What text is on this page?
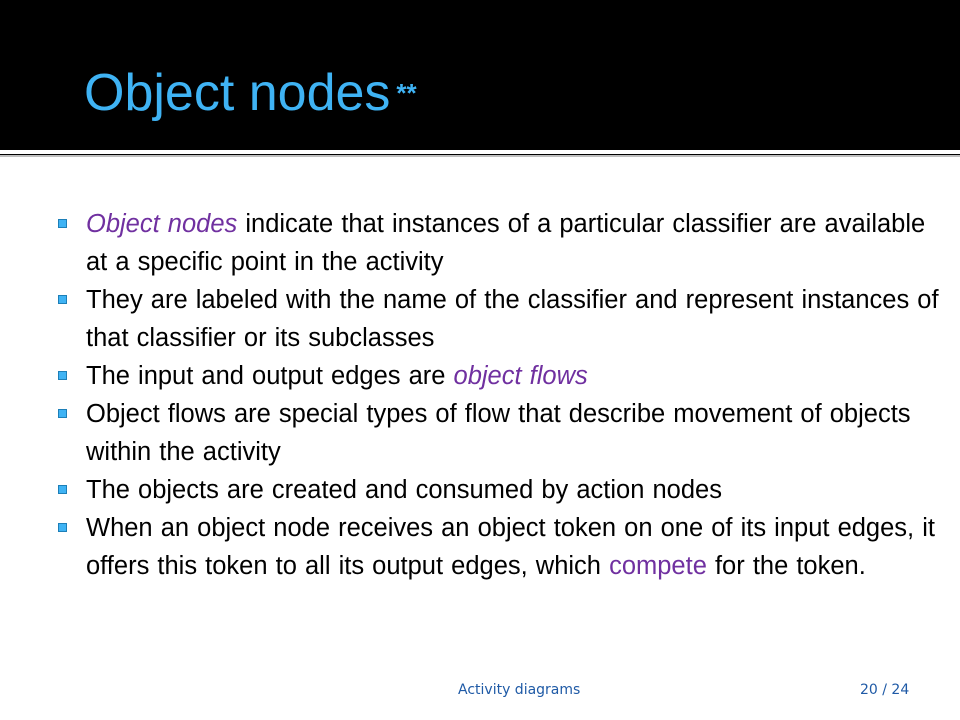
Object nodes **
Object nodes indicate that instances of a particular classifier are available at a specific point in the activity
They are labeled with the name of the classifier and represent instances of that classifier or its subclasses
The input and output edges are object flows
Object flows are special types of flow that describe movement of objects within the activity
The objects are created and consumed by action nodes
When an object node receives an object token on one of its input edges, it offers this token to all its output edges, which compete for the token.
Activity diagrams	20 / 24
